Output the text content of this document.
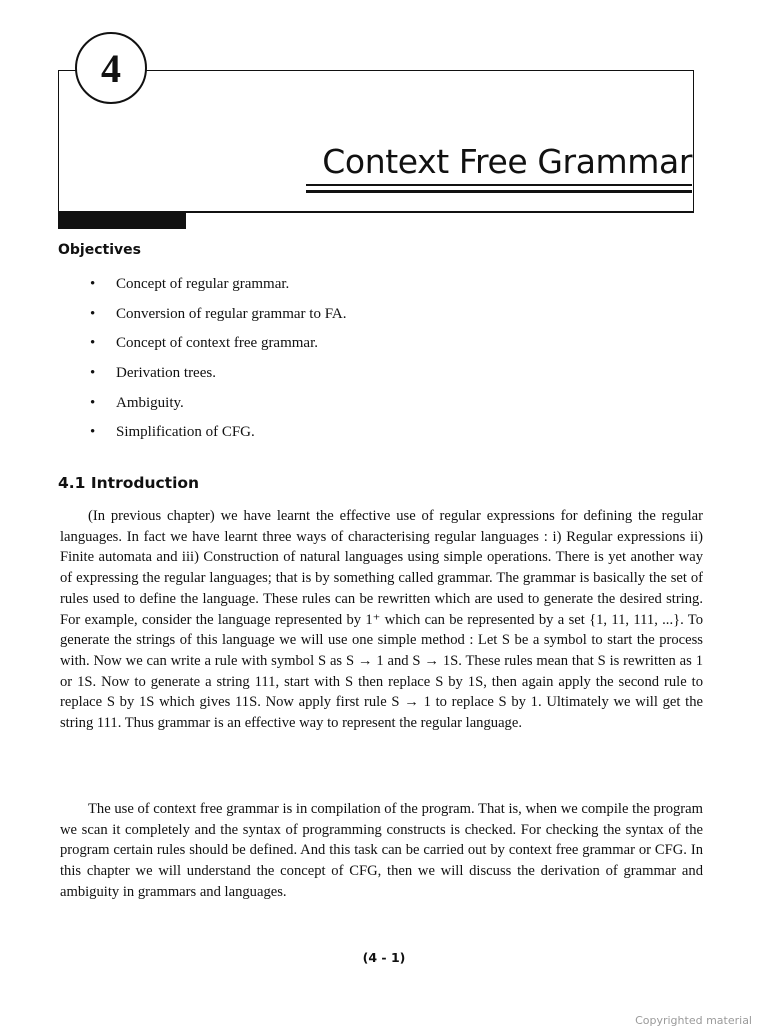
4
Context Free Grammar
Objectives
•	Concept of regular grammar.
•	Conversion of regular grammar to FA.
•	Concept of context free grammar.
•	Derivation trees.
•	Ambiguity.
•	Simplification of CFG.
4.1 Introduction

(In previous chapter) we have learnt the effective use of regular expressions for defining the regular languages. In fact we have learnt three ways of characterising regular languages : i) Regular expressions ii) Finite automata and iii) Construction of natural languages using simple operations. There is yet another way of expressing the regular languages; that is by something called grammar. The grammar is basically the set of rules used to define the language. These rules can be rewritten which are used to generate the desired string. For example, consider the language represented by 1⁺ which can be represented by a set {1, 11, 111, ...}. To generate the strings of this language we will use one simple method : Let S be a symbol to start the process with. Now we can write a rule with symbol S as S → 1 and S → 1S. These rules mean that S is rewritten as 1 or 1S. Now to generate a string 111, start with S then replace S by 1S, then again apply the second rule to replace S by 1S which gives 11S. Now apply first rule S → 1 to replace S by 1. Ultimately we will get the string 111. Thus grammar is an effective way to represent the regular language.

The use of context free grammar is in compilation of the program. That is, when we compile the program we scan it completely and the syntax of programming constructs is checked. For checking the syntax of the program certain rules should be defined. And this task can be carried out by context free grammar or CFG. In this chapter we will understand the concept of CFG, then we will discuss the derivation of grammar and ambiguity in grammars and languages.

(4 - 1)
Copyrighted material
